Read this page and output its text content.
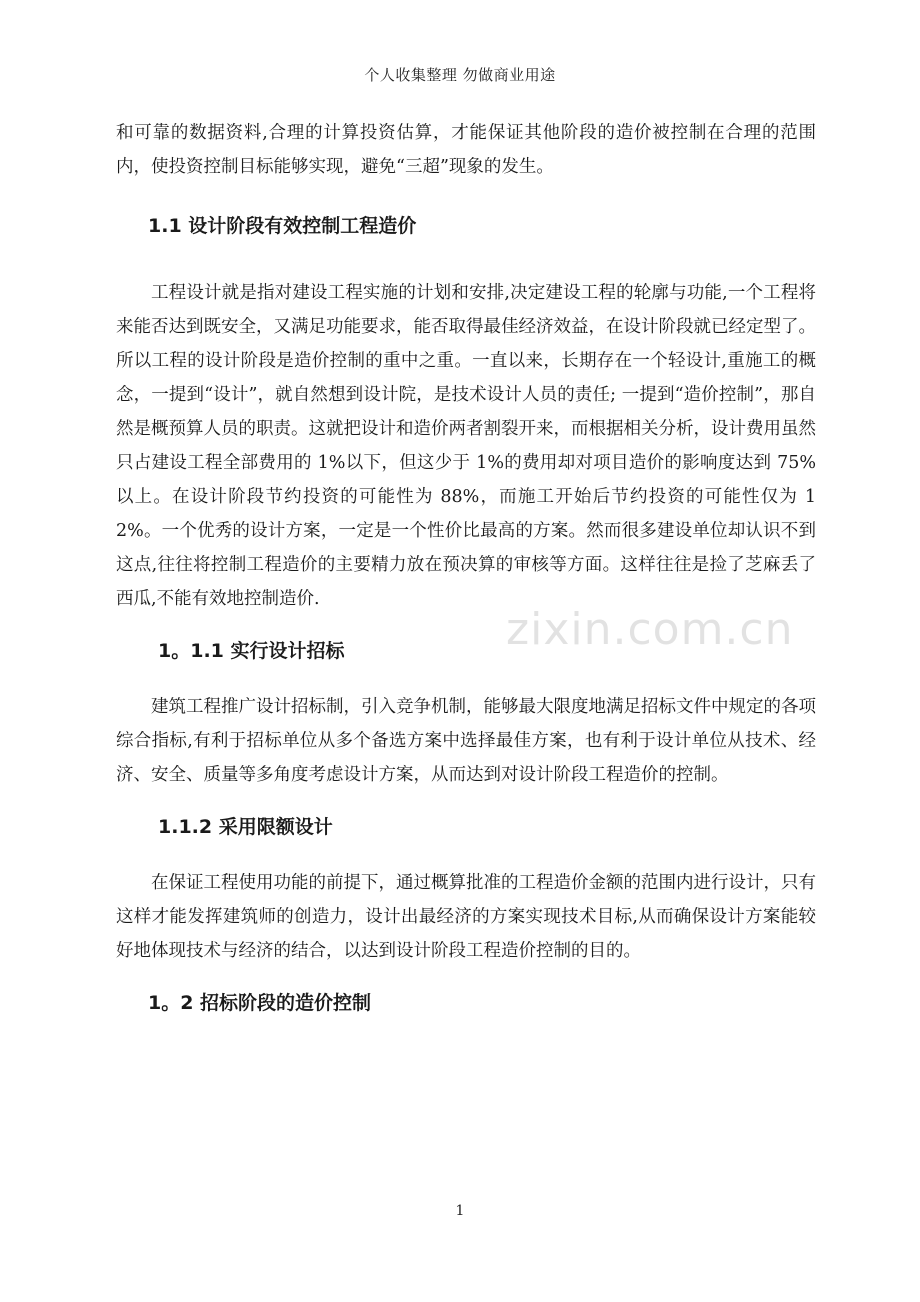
个人收集整理 勿做商业用途

和可靠的数据资料,合理的计算投资估算，才能保证其他阶段的造价被控制在合理的范围内，使投资控制目标能够实现，避免“三超”现象的发生。

1.1 设计阶段有效控制工程造价

工程设计就是指对建设工程实施的计划和安排,决定建设工程的轮廓与功能,一个工程将来能否达到既安全，又满足功能要求，能否取得最佳经济效益，在设计阶段就已经定型了。所以工程的设计阶段是造价控制的重中之重。一直以来，长期存在一个轻设计,重施工的概念，一提到“设计”，就自然想到设计院，是技术设计人员的责任; 一提到“造价控制”，那自然是概预算人员的职责。这就把设计和造价两者割裂开来，而根据相关分析，设计费用虽然只占建设工程全部费用的 1%以下，但这少于 1%的费用却对项目造价的影响度达到 75%以上。在设计阶段节约投资的可能性为 88%，而施工开始后节约投资的可能性仅为 12%。一个优秀的设计方案，一定是一个性价比最高的方案。然而很多建设单位却认识不到这点,往往将控制工程造价的主要精力放在预决算的审核等方面。这样往往是捡了芝麻丢了西瓜,不能有效地控制造价.

1。1.1 实行设计招标

建筑工程推广设计招标制，引入竞争机制，能够最大限度地满足招标文件中规定的各项综合指标,有利于招标单位从多个备选方案中选择最佳方案，也有利于设计单位从技术、经济、安全、质量等多角度考虑设计方案，从而达到对设计阶段工程造价的控制。

1.1.2 采用限额设计

在保证工程使用功能的前提下，通过概算批准的工程造价金额的范围内进行设计，只有这样才能发挥建筑师的创造力，设计出最经济的方案实现技术目标,从而确保设计方案能较好地体现技术与经济的结合，以达到设计阶段工程造价控制的目的。

1。2 招标阶段的造价控制
zixin.com.cn
1
